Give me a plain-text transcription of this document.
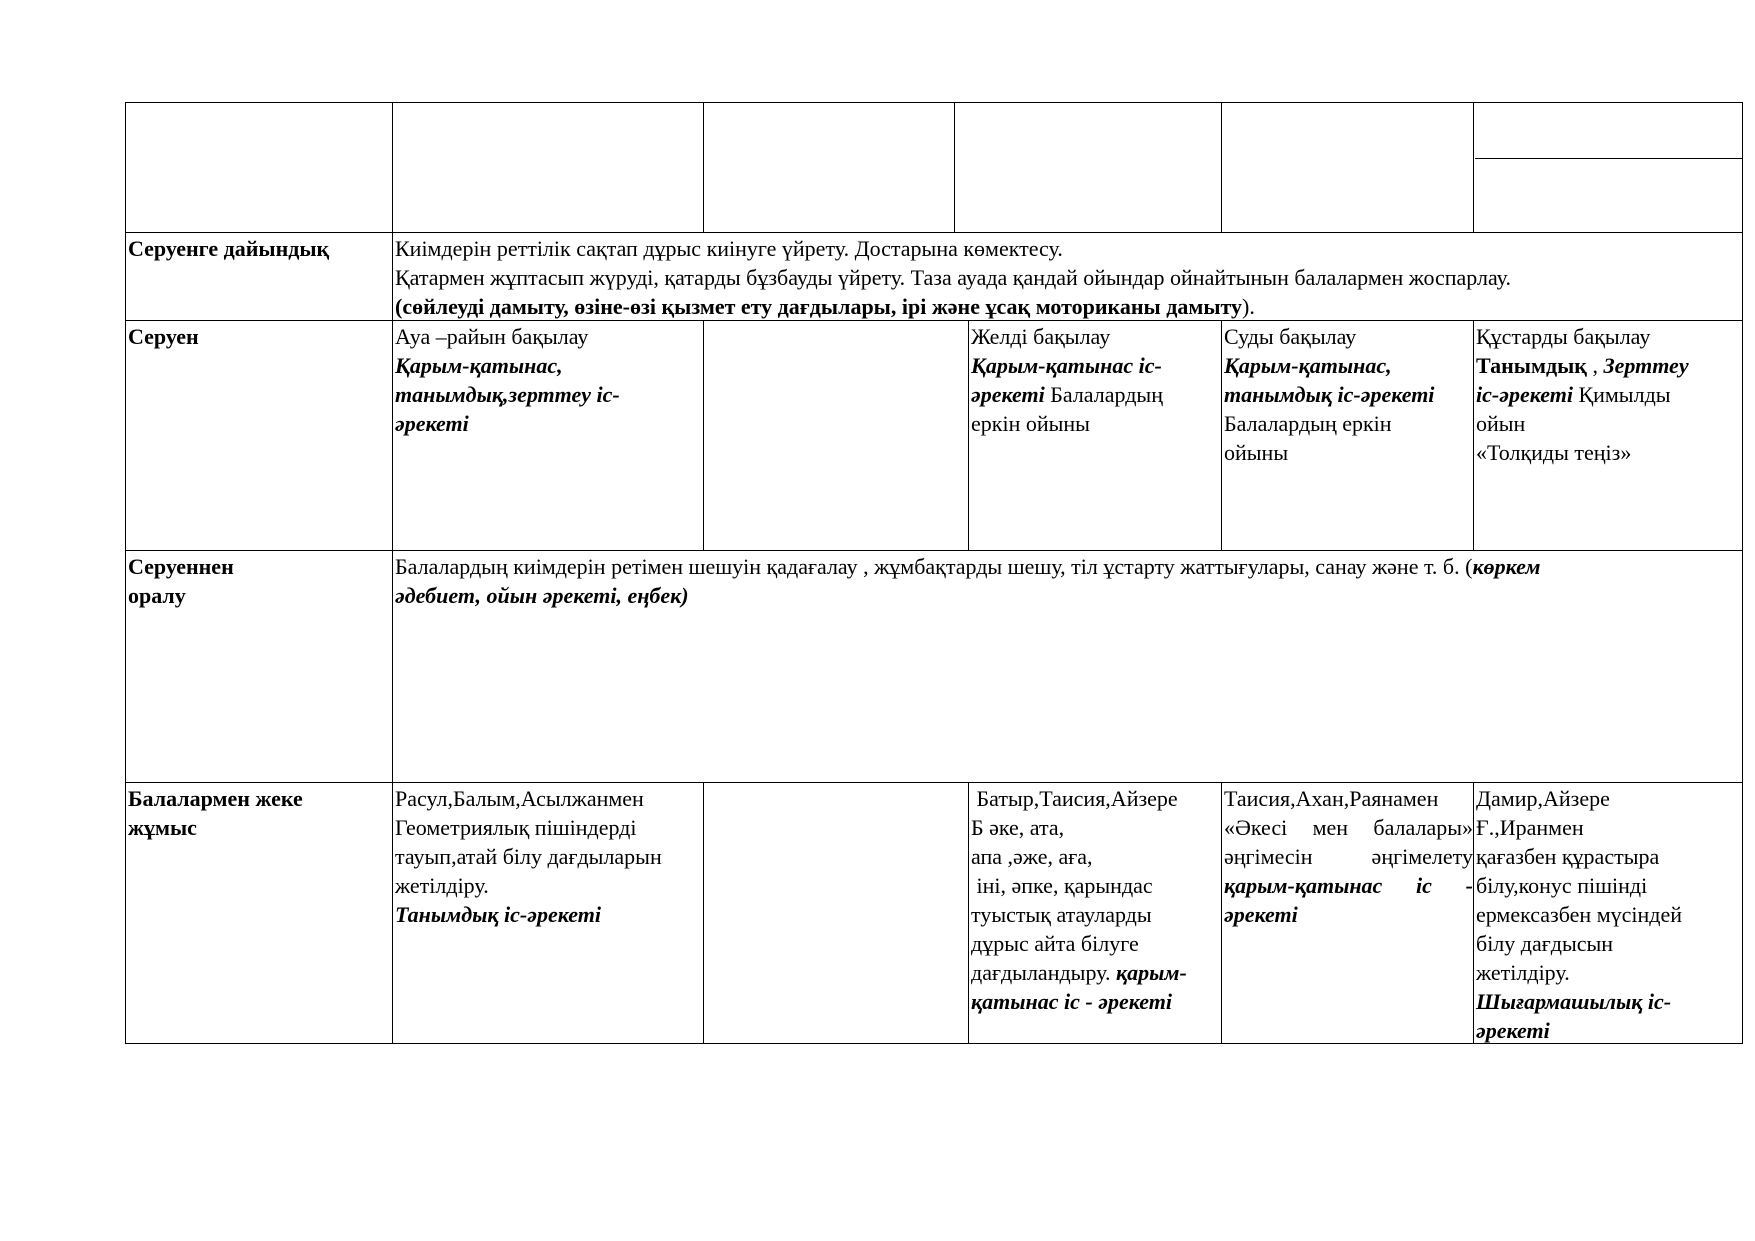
Серуенге дайындық	Киімдерін реттілік сақтап дұрыс киінуге үйрету. Достарына көмектесу.

Қатармен жұптасып жүруді, қатарды бұзбауды үйрету. Таза ауада қандай ойындар ойнайтынын балалармен жоспарлау.

(сөйлеуді дамыту, өзіне-өзі қызмет ету дағдылары, ірі және ұсақ моториканы дамыту).

Серуен	Ауа –райын бақылау

Қарым-қатынас,

танымдық,зерттеу іс-

әрекеті

Желді бақылау

Қарым-қатынас іс-

әрекеті Балалардың

еркін ойыны

Суды бақылау

Қарым-қатынас,

танымдық іс-әрекеті

Балалардың еркін

ойыны

Құстарды бақылау

Танымдық , Зерттеу

іс-әрекеті Қимылды

ойын

«Толқиды теңіз»

Серуеннен

оралу

Балалардың киімдерін ретімен шешуін қадағалау , жұмбақтарды шешу, тіл ұстарту жаттығулары, санау және т. б. (көркем

әдебиет, ойын әрекеті, еңбек)

Балалармен жеке

жұмыс

Расул,Балым,Асылжанмен

Геометриялық пішіндерді

тауып,атай білу дағдыларын

жетілдіру.

Танымдық іс-әрекеті

Батыр,Таисия,Айзере

Б әке, ата,

апа ,әже, аға,

іні, әпке, қарындас

туыстық атауларды

дұрыс айта білуге

дағдыландыру. қарым-

қатынас іс - әрекеті

Таисия,Ахан,Раянамен

«Әкесі мен балалары»

әңгімесін әңгімелету

қарым-қатынас іс -

әрекеті

Дамир,Айзере

Ғ.,Иранмен

қағазбен құрастыра

білу,конус пішінді

ермексазбен мүсіндей

білу дағдысын

жетілдіру.

Шығармашылық іс-

әрекеті
